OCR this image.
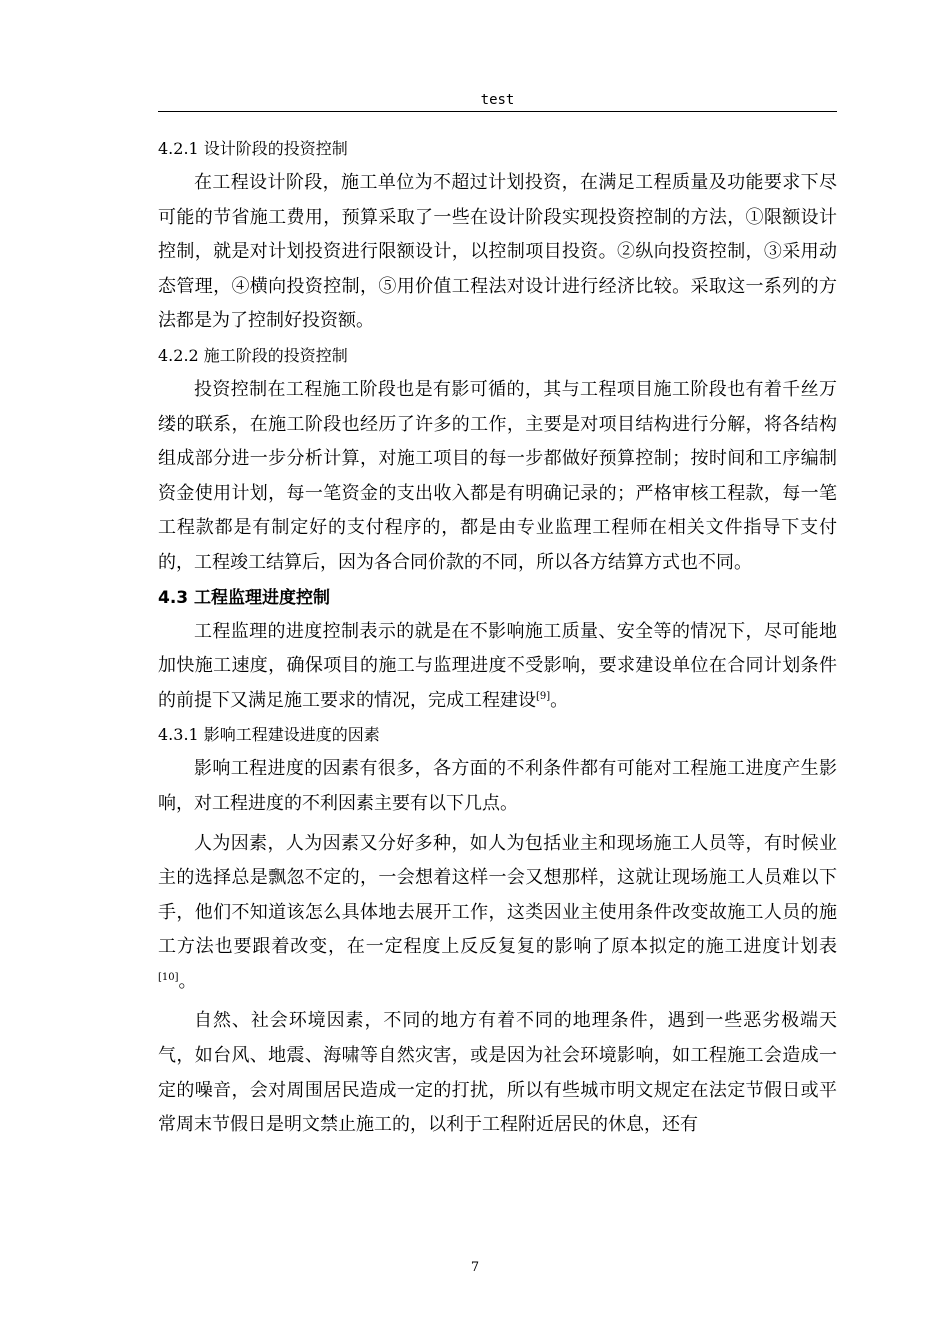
test
4.2.1 设计阶段的投资控制

在工程设计阶段，施工单位为不超过计划投资，在满足工程质量及功能要求下尽可能的节省施工费用，预算采取了一些在设计阶段实现投资控制的方法，①限额设计控制，就是对计划投资进行限额设计，以控制项目投资。②纵向投资控制，③采用动态管理，④横向投资控制，⑤用价值工程法对设计进行经济比较。采取这一系列的方法都是为了控制好投资额。

4.2.2 施工阶段的投资控制

投资控制在工程施工阶段也是有影可循的，其与工程项目施工阶段也有着千丝万缕的联系，在施工阶段也经历了许多的工作，主要是对项目结构进行分解，将各结构组成部分进一步分析计算，对施工项目的每一步都做好预算控制；按时间和工序编制资金使用计划，每一笔资金的支出收入都是有明确记录的；严格审核工程款，每一笔工程款都是有制定好的支付程序的，都是由专业监理工程师在相关文件指导下支付的，工程竣工结算后，因为各合同价款的不同，所以各方结算方式也不同。

4.3 工程监理进度控制

工程监理的进度控制表示的就是在不影响施工质量、安全等的情况下，尽可能地加快施工速度，确保项目的施工与监理进度不受影响，要求建设单位在合同计划条件的前提下又满足施工要求的情况，完成工程建设[9]。

4.3.1 影响工程建设进度的因素

影响工程进度的因素有很多，各方面的不利条件都有可能对工程施工进度产生影响，对工程进度的不利因素主要有以下几点。

人为因素，人为因素又分好多种，如人为包括业主和现场施工人员等，有时候业主的选择总是飘忽不定的，一会想着这样一会又想那样，这就让现场施工人员难以下手，他们不知道该怎么具体地去展开工作，这类因业主使用条件改变故施工人员的施工方法也要跟着改变，在一定程度上反反复复的影响了原本拟定的施工进度计划表[10]。

自然、社会环境因素，不同的地方有着不同的地理条件，遇到一些恶劣极端天气，如台风、地震、海啸等自然灾害，或是因为社会环境影响，如工程施工会造成一定的噪音，会对周围居民造成一定的打扰，所以有些城市明文规定在法定节假日或平常周末节假日是明文禁止施工的，以利于工程附近居民的休息，还有

7
